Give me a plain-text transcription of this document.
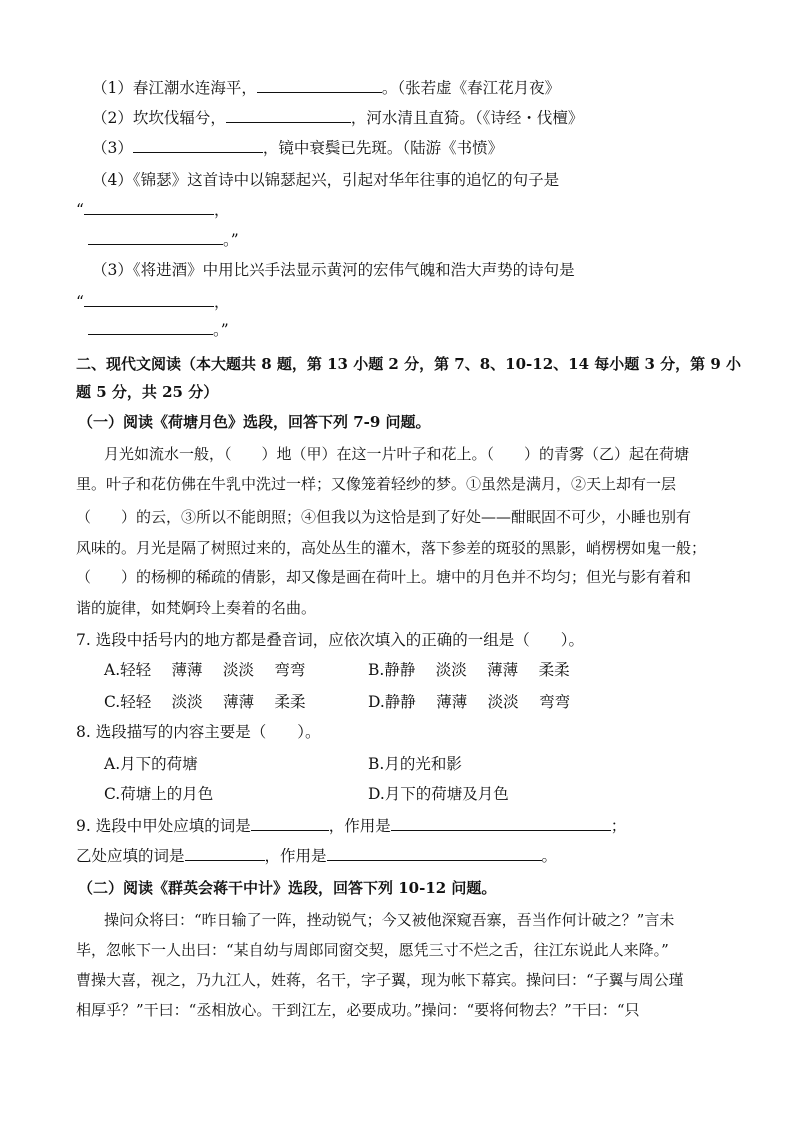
（1）春江潮水连海平，	。（张若虚《春江花月夜》
（2）坎坎伐辐兮，	，河水清且直猗。（《诗经・伐檀》
（3）	，镜中衰鬓已先斑。（陆游《书愤》
（4）《锦瑟》这首诗中以锦瑟起兴，引起对华年往事的追忆的句子是
“	，
。”
（3）《将进酒》中用比兴手法显示黄河的宏伟气魄和浩大声势的诗句是
“	，
。”
二、现代文阅读（本大题共 8 题，第 13 小题 2 分，第 7、8、10-12、14 每小题 3 分，第 9 小
题 5 分，共 25 分）
（一）阅读《荷塘月色》选段，回答下列 7-9 问题。
月光如流水一般，（　　）地（甲）在这一片叶子和花上。（　　）的青雾（乙）起在荷塘
里。叶子和花仿佛在牛乳中洗过一样；又像笼着轻纱的梦。①虽然是满月，②天上却有一层
（　　）的云，③所以不能朗照；④但我以为这恰是到了好处——酣眠固不可少，小睡也别有
风味的。月光是隔了树照过来的，高处丛生的灌木，落下参差的斑驳的黑影，峭楞楞如鬼一般；
（　　）的杨柳的稀疏的倩影，却又像是画在荷叶上。塘中的月色并不均匀；但光与影有着和
谐的旋律，如梵婀玲上奏着的名曲。
7. 选段中括号内的地方都是叠音词，应依次填入的正确的一组是（　　）。
A.轻轻　 薄薄　 淡淡　 弯弯	B.静静　 淡淡　 薄薄　 柔柔
C.轻轻　 淡淡　 薄薄　 柔柔	D.静静　 薄薄　 淡淡　 弯弯
8. 选段描写的内容主要是（　　）。
A.月下的荷塘	B.月的光和影
C.荷塘上的月色	D.月下的荷塘及月色
9. 选段中甲处应填的词是	，作用是	；
乙处应填的词是	，作用是	。
（二）阅读《群英会蒋干中计》选段，回答下列 10-12 问题。
操问众将曰：“昨日输了一阵，挫动锐气；今又被他深窥吾寨，吾当作何计破之？”言未
毕，忽帐下一人出曰：“某自幼与周郎同窗交契，愿凭三寸不烂之舌，往江东说此人来降。”
曹操大喜，视之，乃九江人，姓蒋，名干，字子翼，现为帐下幕宾。操问曰：“子翼与周公瑾
相厚乎？”干曰：“丞相放心。干到江左，必要成功。”操问：“要将何物去？”干曰：“只
